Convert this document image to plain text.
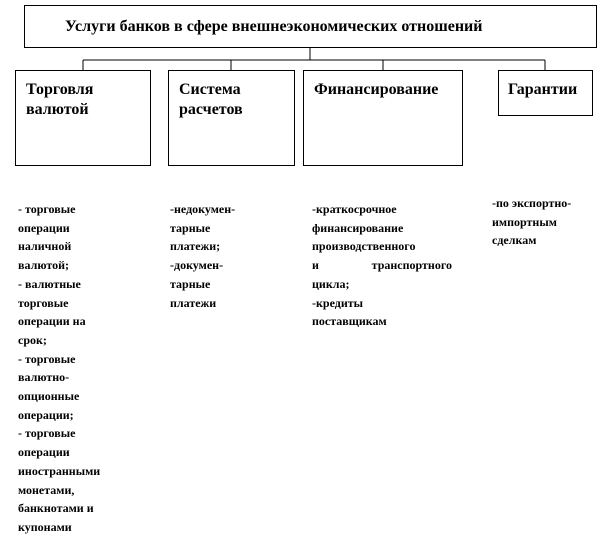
Услуги банков в сфере внешнеэкономических отношений
Торговля
валютой
Система
расчетов
Финансирование	Гарантии
- торговые
операции
наличной
валютой;
- валютные
торговые
операции на
срок;
- торговые
валютно-
опционные
операции;
- торговые
операции
иностранными
монетами,
банкнотами и
купонами
-недокумен-
тарные
платежи;
-докумен-
тарные
платежи
-краткосрочное
финансирование
производственного
и	транспортного
цикла;
-кредиты
поставщикам
-по экспортно-
импортным
сделкам
